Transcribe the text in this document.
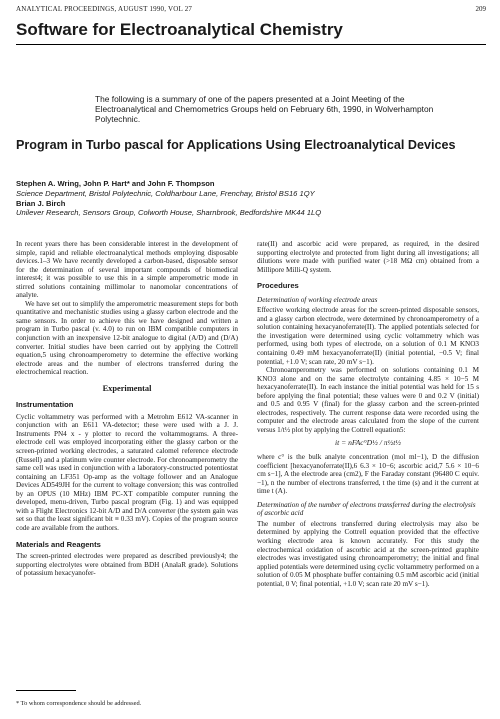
ANALYTICAL PROCEEDINGS, AUGUST 1990, VOL 27	209
Software for Electroanalytical Chemistry
The following is a summary of one of the papers presented at a Joint Meeting of the Electroanalytical and Chemometrics Groups held on February 6th, 1990, in Wolverhampton Polytechnic.
Program in Turbo pascal for Applications Using Electroanalytical Devices
Stephen A. Wring, John P. Hart* and John F. Thompson
Science Department, Bristol Polytechnic, Coldharbour Lane, Frenchay, Bristol BS16 1QY
Brian J. Birch
Unilever Research, Sensors Group, Colworth House, Sharnbrook, Bedfordshire MK44 1LQ

In recent years there has been considerable interest in the development of simple, rapid and reliable electroanalytical methods employing disposable devices.1–3 We have recently developed a carbon-based, disposable sensor for the determination of several important compounds of biomedical interest4; it was possible to use this in a simple amperometric mode in stirred solutions containing millimolar to nanomolar concentrations of analyte.

We have set out to simplify the amperometric measurement steps for both quantitative and mechanistic studies using a glassy carbon electrode and the same sensors. In order to achieve this we have designed and written a program in Turbo pascal (v. 4.0) to run on IBM compatible computers in conjunction with an inexpensive 12-bit analogue to digital (A/D) and (D/A) converter. Initial studies have been carried out by applying the Cottrell equation,5 using chronoamperometry to determine the effective working electrode areas and the number of electrons transferred during the electrochemical reaction.

Experimental
Instrumentation

Cyclic voltammetry was performed with a Metrohm E612 VA-scanner in conjunction with an E611 VA-detector; these were used with a J. J. Instruments PN4 x - y plotter to record the voltammograms. A three-electrode cell was employed incorporating either the glassy carbon or the screen-printed working electrodes, a saturated calomel reference electrode (Russell) and a platinum wire counter electrode. For chronoamperometry the same cell was used in conjunction with a laboratory-constructed potentiostat containing an LF351 Op-amp as the voltage follower and an Analogue Devices AD549JH for the current to voltage conversion; this was controlled by an OPUS (10 MHz) IBM PC-XT compatible computer running the developed, menu-driven, Turbo pascal program (Fig. 1) and was equipped with a Flight Electronics 12-bit A/D and D/A converter (the system gain was set so that the least significant bit ≡ 0.33 mV). Copies of the program source code are available from the authors.

Materials and Reagents

The screen-printed electrodes were prepared as described previously4; the supporting electrolytes were obtained from BDH (AnalaR grade). Solutions of potassium hexacyanofer-

rate(II) and ascorbic acid were prepared, as required, in the desired supporting electrolyte and protected from light during all investigations; all dilutions were made with purified water (>18 MΩ cm) obtained from a Millipore Milli-Q system.

Procedures
Determination of working electrode areas

Effective working electrode areas for the screen-printed disposable sensors, and a glassy carbon electrode, were determined by chronoamperometry of a solution containing hexacyanoferrate(II). The applied potentials selected for the investigation were determined using cyclic voltammetry which was performed, using both types of electrode, on a solution of 0.1 M KNO3 containing 0.49 mM hexacyanoferrate(II) (initial potential, −0.5 V; final potential, +1.0 V; scan rate, 20 mV s−1).

Chronoamperometry was performed on solutions containing 0.1 M KNO3 alone and on the same electrolyte containing 4.85 × 10−5 M hexacyanoferrate(II). In each instance the initial potential was held for 15 s before applying the final potential; these values were 0 and 0.2 V (initial) and 0.5 and 0.95 V (final) for the glassy carbon and the screen-printed electrodes, respectively. The current response data were recorded using the computer and the electrode areas calculated from the slope of the current versus 1/t½ plot by applying the Cottrell equation5:

it = nFAc°D½ / π½t½

where c° is the bulk analyte concentration (mol ml−1), D the diffusion coefficient [hexacyanoferrate(II),6 6.3 × 10−6; ascorbic acid,7 5.6 × 10−6 cm s−1], A the electrode area (cm2), F the Faraday constant (96480 C equiv.−1), n the number of electrons transferred, t the time (s) and it the current at time t (A).

Determination of the number of electrons transferred during the electrolysis of ascorbic acid

The number of electrons transferred during electrolysis may also be determined by applying the Cottrell equation provided that the effective working electrode area is known accurately. For this study the electrochemical oxidation of ascorbic acid at the screen-printed graphite electrodes was investigated using chronoamperometry; the initial and final applied potentials were determined using cyclic voltammetry performed on a solution of 0.05 M phosphate buffer containing 0.5 mM ascorbic acid (initial potential, 0 V; final potential, +1.0 V; scan rate 20 mV s−1).

* To whom correspondence should be addressed.
